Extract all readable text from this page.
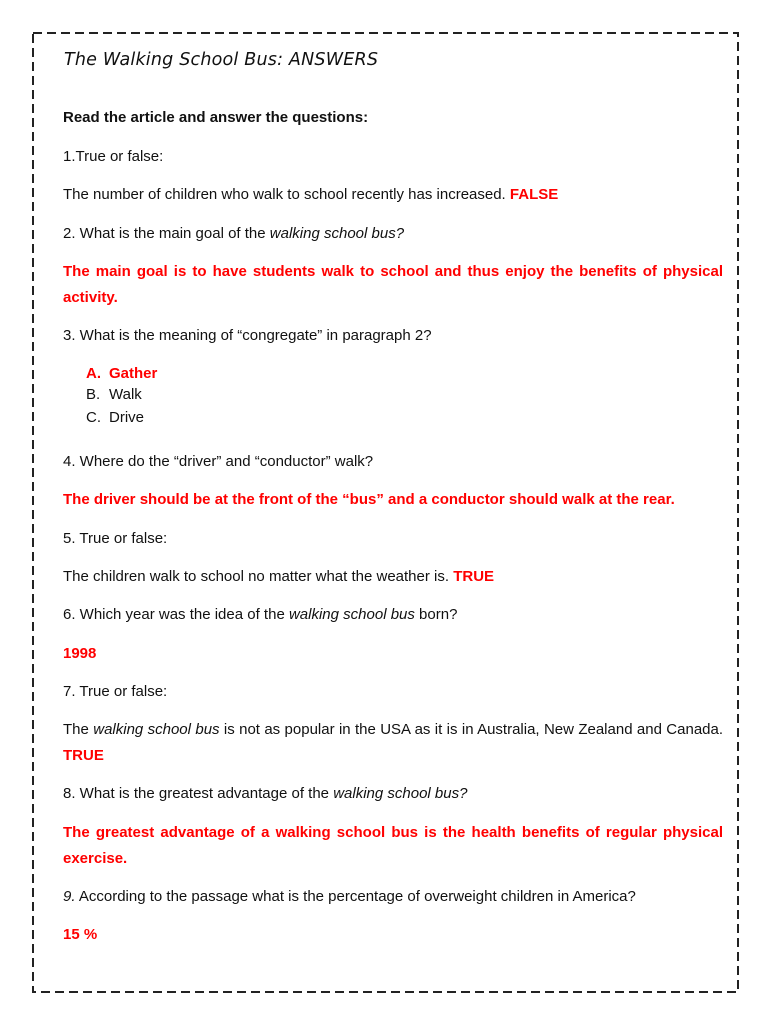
The Walking School Bus: ANSWERS
Read the article and answer the questions:
1.True or false:
The number of children who walk to school recently has increased. FALSE
2. What is the main goal of the walking school bus?
The main goal is to have students walk to school and thus enjoy the benefits of physical activity.
3. What is the meaning of “congregate” in paragraph 2?
A. Gather
B. Walk
C. Drive
4. Where do the “driver” and “conductor” walk?
The driver should be at the front of the “bus” and a conductor should walk at the rear.
5. True or false:
The children walk to school no matter what the weather is. TRUE
6. Which year was the idea of the walking school bus born?
1998
7. True or false:
The walking school bus is not as popular in the USA as it is in Australia, New Zealand and Canada. TRUE
8. What is the greatest advantage of the walking school bus?
The greatest advantage of a walking school bus is the health benefits of regular physical exercise.
9. According to the passage what is the percentage of overweight children in America?
15 %
